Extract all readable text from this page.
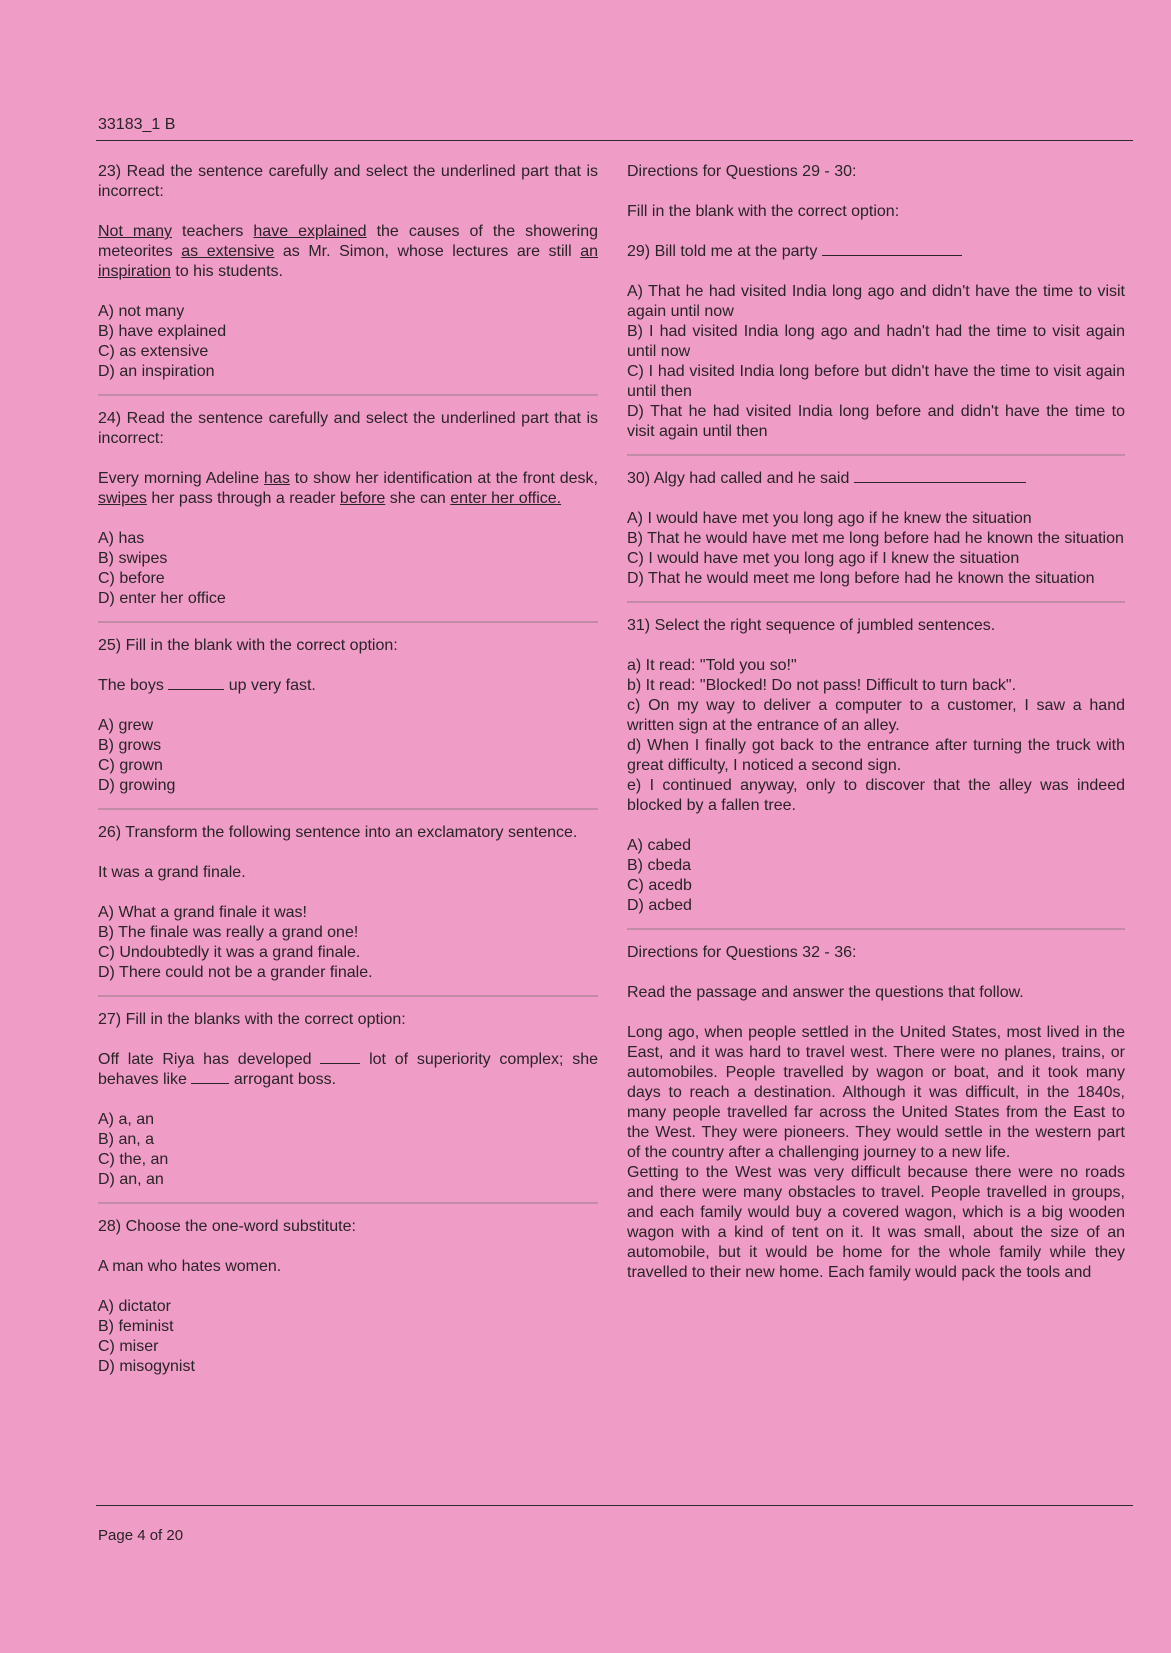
33183_1 B

23) Read the sentence carefully and select the underlined part that is incorrect:

Not many teachers have explained the causes of the showering meteorites as extensive as Mr. Simon, whose lectures are still an inspiration to his students.

A) not many
B) have explained
C) as extensive
D) an inspiration

24) Read the sentence carefully and select the underlined part that is incorrect:

Every morning Adeline has to show her identification at the front desk, swipes her pass through a reader before she can enter her office.

A) has
B) swipes
C) before
D) enter her office

25) Fill in the blank with the correct option:

The boys	up very fast.

A) grew
B) grows
C) grown
D) growing

26) Transform the following sentence into an exclamatory sentence.

It was a grand finale.

A) What a grand finale it was!
B) The finale was really a grand one!
C) Undoubtedly it was a grand finale.
D) There could not be a grander finale.

27) Fill in the blanks with the correct option:

Off late Riya has developed	lot of superiority complex; she behaves like  arrogant boss.

A) a, an
B) an, a
C) the, an
D) an, an

28) Choose the one-word substitute:

A man who hates women.

A) dictator
B) feminist
C) miser
D) misogynist

Directions for Questions 29 - 30:

Fill in the blank with the correct option:

29) Bill told me at the party

A) That he had visited India long ago and didn't have the time to visit again until now
B) I had visited India long ago and hadn't had the time to visit again until now
C) I had visited India long before but didn't have the time to visit again until then
D) That he had visited India long before and didn't have the time to visit again until then

30) Algy had called and he said

A) I would have met you long ago if he knew the situation
B) That he would have met me long before had he known the situation
C) I would have met you long ago if I knew the situation
D) That he would meet me long before had he known the situation

31) Select the right sequence of jumbled sentences.

a) It read: "Told you so!"
b) It read: "Blocked! Do not pass! Difficult to turn back".
c) On my way to deliver a computer to a customer, I saw a hand written sign at the entrance of an alley.
d) When I finally got back to the entrance after turning the truck with great difficulty, I noticed a second sign.
e) I continued anyway, only to discover that the alley was indeed blocked by a fallen tree.
A) cabed
B) cbeda
C) acedb
D) acbed

Directions for Questions 32 - 36:

Read the passage and answer the questions that follow.

Long ago, when people settled in the United States, most lived in the East, and it was hard to travel west. There were no planes, trains, or automobiles. People travelled by wagon or boat, and it took many days to reach a destination. Although it was difficult, in the 1840s, many people travelled far across the United States from the East to the West. They were pioneers. They would settle in the western part of the country after a challenging journey to a new life.

Getting to the West was very difficult because there were no roads and there were many obstacles to travel. People travelled in groups, and each family would buy a covered wagon, which is a big wooden wagon with a kind of tent on it. It was small, about the size of an automobile, but it would be home for the whole family while they travelled to their new home. Each family would pack the tools and

Page 4 of 20
